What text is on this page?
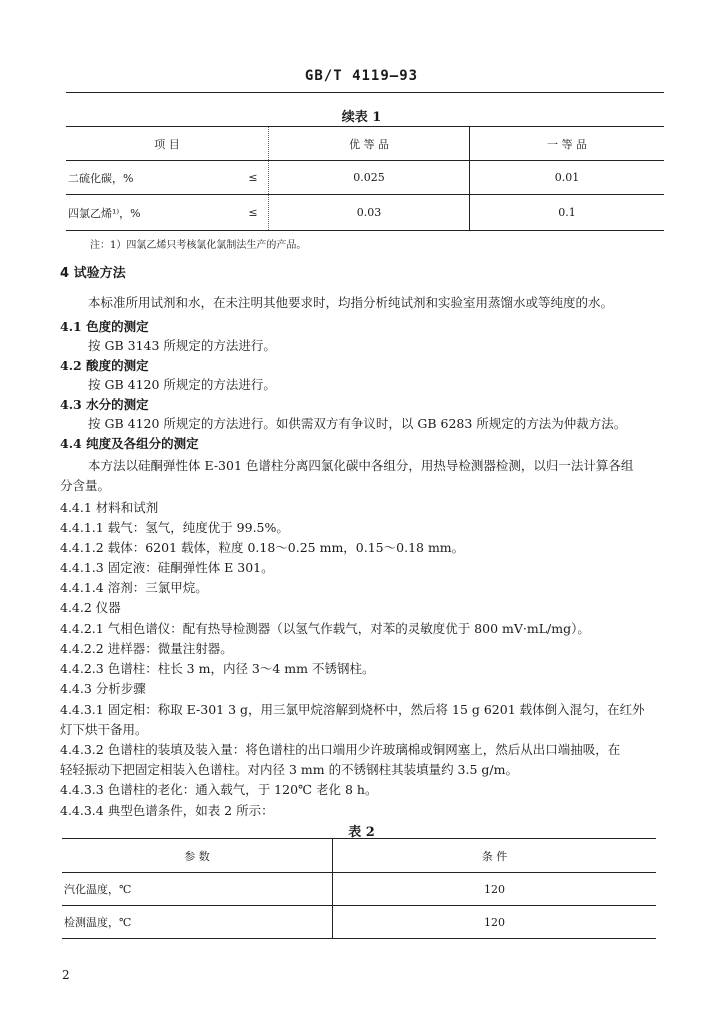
GB/T 4119—93
续表 1
项 目		优 等 品	一 等 品
二硫化碳，%	≤	0.025	0.01
四氯乙烯¹⁾，%	≤	0.03	0.1
注：1）四氯乙烯只考核氯化氯制法生产的产品。
4 试验方法
本标准所用试剂和水，在未注明其他要求时，均指分析纯试剂和实验室用蒸馏水或等纯度的水。
4.1 色度的测定
按 GB 3143 所规定的方法进行。
4.2 酸度的测定
按 GB 4120 所规定的方法进行。
4.3 水分的测定
按 GB 4120 所规定的方法进行。如供需双方有争议时，以 GB 6283 所规定的方法为仲裁方法。
4.4 纯度及各组分的测定
本方法以硅酮弹性体 E-301 色谱柱分离四氯化碳中各组分，用热导检测器检测，以归一法计算各组
分含量。
4.4.1 材料和试剂
4.4.1.1 载气：氢气，纯度优于 99.5%。
4.4.1.2 载体：6201 载体，粒度 0.18～0.25 mm，0.15～0.18 mm。
4.4.1.3 固定液：硅酮弹性体 E 301。
4.4.1.4 溶剂：三氯甲烷。
4.4.2 仪器
4.4.2.1 气相色谱仪：配有热导检测器（以氢气作载气，对苯的灵敏度优于 800 mV·mL/mg）。
4.4.2.2 进样器：微量注射器。
4.4.2.3 色谱柱：柱长 3 m，内径 3～4 mm 不锈钢柱。
4.4.3 分析步骤
4.4.3.1 固定相：称取 E-301 3 g，用三氯甲烷溶解到烧杯中，然后将 15 g 6201 载体倒入混匀，在红外
灯下烘干备用。
4.4.3.2 色谱柱的装填及装入量：将色谱柱的出口端用少许玻璃棉或铜网塞上，然后从出口端抽吸，在
轻轻振动下把固定相装入色谱柱。对内径 3 mm 的不锈钢柱其装填量约 3.5 g/m。
4.4.3.3 色谱柱的老化：通入载气，于 120℃ 老化 8 h。
4.4.3.4 典型色谱条件，如表 2 所示：
表 2
参 数	条 件
汽化温度，℃	120
检测温度，℃	120
2
